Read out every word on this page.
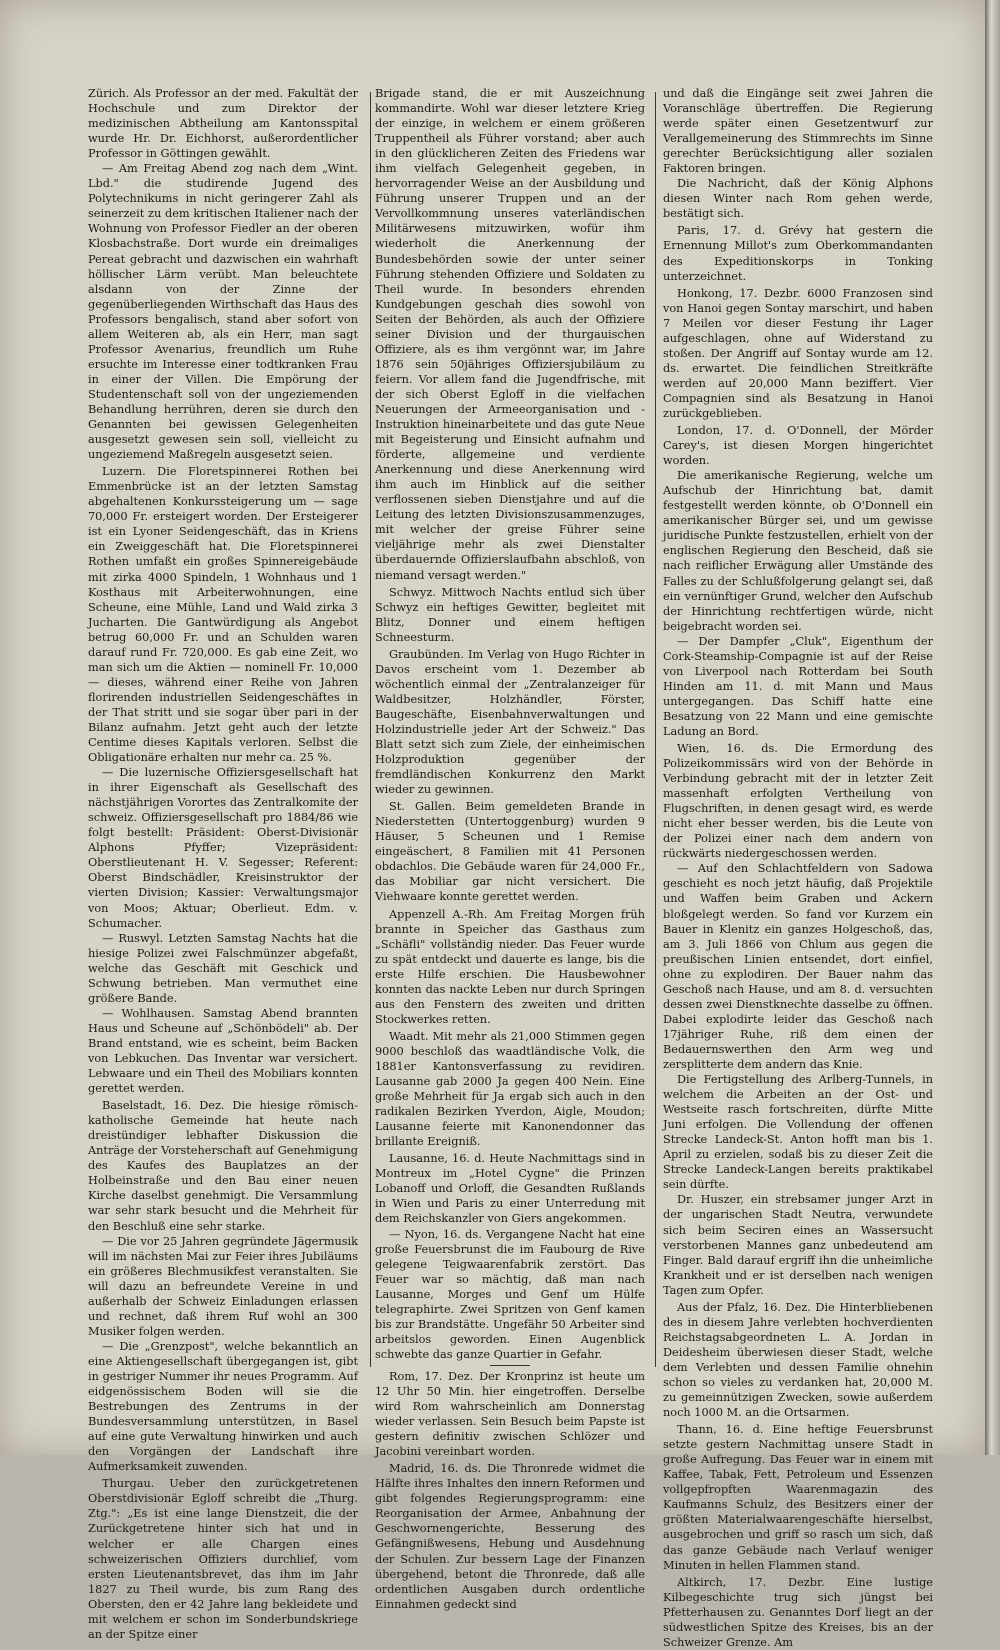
Zürich. Als Professor an der med. Fakultät der Hochschule und zum Direktor der medizinischen Abtheilung am Kantonsspital wurde Hr. Dr. Eichhorst, außerordentlicher Professor in Göttingen gewählt.

— Am Freitag Abend zog nach dem „Wint. Lbd." die studirende Jugend des Polytechnikums in nicht geringerer Zahl als seinerzeit zu dem kritischen Italiener nach der Wohnung von Professor Fiedler an der oberen Klosbachstraße. Dort wurde ein dreimaliges Pereat gebracht und dazwischen ein wahrhaft höllischer Lärm verübt. Man beleuchtete alsdann von der Zinne der gegenüberliegenden Wirthschaft das Haus des Professors bengalisch, stand aber sofort von allem Weiteren ab, als ein Herr, man sagt Professor Avenarius, freundlich um Ruhe ersuchte im Interesse einer todtkranken Frau in einer der Villen. Die Empörung der Studentenschaft soll von der ungeziemenden Behandlung herrühren, deren sie durch den Genannten bei gewissen Gelegenheiten ausgesetzt gewesen sein soll, vielleicht zu ungeziemend Maßregeln ausgesetzt seien.

Luzern. Die Floretspinnerei Rothen bei Emmenbrücke ist an der letzten Samstag abgehaltenen Konkurssteigerung um — sage 70,000 Fr. ersteigert worden. Der Ersteigerer ist ein Lyoner Seidengeschäft, das in Kriens ein Zweiggeschäft hat. Die Floretspinnerei Rothen umfaßt ein großes Spinnereigebäude mit zirka 4000 Spindeln, 1 Wohnhaus und 1 Kosthaus mit Arbeiterwohnungen, eine Scheune, eine Mühle, Land und Wald zirka 3 Jucharten. Die Gantwürdigung als Angebot betrug 60,000 Fr. und an Schulden waren darauf rund Fr. 720,000. Es gab eine Zeit, wo man sich um die Aktien — nominell Fr. 10,000 — dieses, während einer Reihe von Jahren florirenden industriellen Seidengeschäftes in der That stritt und sie sogar über pari in der Bilanz aufnahm. Jetzt geht auch der letzte Centime dieses Kapitals verloren. Selbst die Obligationäre erhalten nur mehr ca. 25 %.

— Die luzernische Offiziersgesellschaft hat in ihrer Eigenschaft als Gesellschaft des nächstjährigen Vorortes das Zentralkomite der schweiz. Offiziersgesellschaft pro 1884/86 wie folgt bestellt: Präsident: Oberst-Divisionär Alphons Pfyffer; Vizepräsident: Oberstlieutenant H. V. Segesser; Referent: Oberst Bindschädler, Kreisinstruktor der vierten Division; Kassier: Verwaltungsmajor von Moos; Aktuar; Oberlieut. Edm. v. Schumacher.

— Ruswyl. Letzten Samstag Nachts hat die hiesige Polizei zwei Falschmünzer abgefaßt, welche das Geschäft mit Geschick und Schwung betrieben. Man vermuthet eine größere Bande.

— Wohlhausen. Samstag Abend brannten Haus und Scheune auf „Schönbödeli" ab. Der Brand entstand, wie es scheint, beim Backen von Lebkuchen. Das Inventar war versichert. Lebwaare und ein Theil des Mobiliars konnten gerettet werden.

Baselstadt, 16. Dez. Die hiesige römisch-katholische Gemeinde hat heute nach dreistündiger lebhafter Diskussion die Anträge der Vorsteherschaft auf Genehmigung des Kaufes des Bauplatzes an der Holbeinstraße und den Bau einer neuen Kirche daselbst genehmigt. Die Versammlung war sehr stark besucht und die Mehrheit für den Beschluß eine sehr starke.

— Die vor 25 Jahren gegründete Jägermusik will im nächsten Mai zur Feier ihres Jubiläums ein größeres Blechmusikfest veranstalten. Sie will dazu an befreundete Vereine in und außerhalb der Schweiz Einladungen erlassen und rechnet, daß ihrem Ruf wohl an 300 Musiker folgen werden.

— Die „Grenzpost", welche bekanntlich an eine Aktiengesellschaft übergegangen ist, gibt in gestriger Nummer ihr neues Programm. Auf eidgenössischem Boden will sie die Bestrebungen des Zentrums in der Bundesversammlung unterstützen, in Basel auf eine gute Verwaltung hinwirken und auch den Vorgängen der Landschaft ihre Aufmerksamkeit zuwenden.

Thurgau. Ueber den zurückgetretenen Oberstdivisionär Egloff schreibt die „Thurg. Ztg.": „Es ist eine lange Dienstzeit, die der Zurückgetretene hinter sich hat und in welcher er alle Chargen eines schweizerischen Offiziers durchlief, vom ersten Lieutenantsbrevet, das ihm im Jahr 1827 zu Theil wurde, bis zum Rang des Obersten, den er 42 Jahre lang bekleidete und mit welchem er schon im Sonderbundskriege an der Spitze einer

Brigade stand, die er mit Auszeichnung kommandirte. Wohl war dieser letztere Krieg der einzige, in welchem er einem größeren Truppentheil als Führer vorstand; aber auch in den glücklicheren Zeiten des Friedens war ihm vielfach Gelegenheit gegeben, in hervorragender Weise an der Ausbildung und Führung unserer Truppen und an der Vervollkommnung unseres vaterländischen Militärwesens mitzuwirken, wofür ihm wiederholt die Anerkennung der Bundesbehörden sowie der unter seiner Führung stehenden Offiziere und Soldaten zu Theil wurde. In besonders ehrenden Kundgebungen geschah dies sowohl von Seiten der Behörden, als auch der Offiziere seiner Division und der thurgauischen Offiziere, als es ihm vergönnt war, im Jahre 1876 sein 50jähriges Offiziersjubiläum zu feiern. Vor allem fand die Jugendfrische, mit der sich Oberst Egloff in die vielfachen Neuerungen der Armeeorganisation und -Instruktion hineinarbeitete und das gute Neue mit Begeisterung und Einsicht aufnahm und förderte, allgemeine und verdiente Anerkennung und diese Anerkennung wird ihm auch im Hinblick auf die seither verflossenen sieben Dienstjahre und auf die Leitung des letzten Divisionszusammenzuges, mit welcher der greise Führer seine vieljährige mehr als zwei Dienstalter überdauernde Offizierslaufbahn abschloß, von niemand versagt werden."

Schwyz. Mittwoch Nachts entlud sich über Schwyz ein heftiges Gewitter, begleitet mit Blitz, Donner und einem heftigen Schneesturm.

Graubünden. Im Verlag von Hugo Richter in Davos erscheint vom 1. Dezember ab wöchentlich einmal der „Zentralanzeiger für Waldbesitzer, Holzhändler, Förster, Baugeschäfte, Eisenbahnverwaltungen und Holzindustrielle jeder Art der Schweiz." Das Blatt setzt sich zum Ziele, der einheimischen Holzproduktion gegenüber der fremdländischen Konkurrenz den Markt wieder zu gewinnen.

St. Gallen. Beim gemeldeten Brande in Niederstetten (Untertoggenburg) wurden 9 Häuser, 5 Scheunen und 1 Remise eingeäschert, 8 Familien mit 41 Personen obdachlos. Die Gebäude waren für 24,000 Fr., das Mobiliar gar nicht versichert. Die Viehwaare konnte gerettet werden.

Appenzell A.-Rh. Am Freitag Morgen früh brannte in Speicher das Gasthaus zum „Schäfli" vollständig nieder. Das Feuer wurde zu spät entdeckt und dauerte es lange, bis die erste Hilfe erschien. Die Hausbewohner konnten das nackte Leben nur durch Springen aus den Fenstern des zweiten und dritten Stockwerkes retten.

Waadt. Mit mehr als 21,000 Stimmen gegen 9000 beschloß das waadtländische Volk, die 1881er Kantonsverfassung zu revidiren. Lausanne gab 2000 Ja gegen 400 Nein. Eine große Mehrheit für Ja ergab sich auch in den radikalen Bezirken Yverdon, Aigle, Moudon; Lausanne feierte mit Kanonendonner das brillante Ereigniß.

Lausanne, 16. d. Heute Nachmittags sind in Montreux im „Hotel Cygne" die Prinzen Lobanoff und Orloff, die Gesandten Rußlands in Wien und Paris zu einer Unterredung mit dem Reichskanzler von Giers angekommen.

— Nyon, 16. ds. Vergangene Nacht hat eine große Feuersbrunst die im Faubourg de Rive gelegene Teigwaarenfabrik zerstört. Das Feuer war so mächtig, daß man nach Lausanne, Morges und Genf um Hülfe telegraphirte. Zwei Spritzen von Genf kamen bis zur Brandstätte. Ungefähr 50 Arbeiter sind arbeitslos geworden. Einen Augenblick schwebte das ganze Quartier in Gefahr.

Rom, 17. Dez. Der Kronprinz ist heute um 12 Uhr 50 Min. hier eingetroffen. Derselbe wird Rom wahrscheinlich am Donnerstag wieder verlassen. Sein Besuch beim Papste ist gestern definitiv zwischen Schlözer und Jacobini vereinbart worden.

Madrid, 16. ds. Die Thronrede widmet die Hälfte ihres Inhaltes den innern Reformen und gibt folgendes Regierungsprogramm: eine Reorganisation der Armee, Anbahnung der Geschwornengerichte, Besserung des Gefängnißwesens, Hebung und Ausdehnung der Schulen. Zur bessern Lage der Finanzen übergehend, betont die Thronrede, daß alle ordentlichen Ausgaben durch ordentliche Einnahmen gedeckt sind

und daß die Eingänge seit zwei Jahren die Voranschläge übertreffen. Die Regierung werde später einen Gesetzentwurf zur Verallgemeinerung des Stimmrechts im Sinne gerechter Berücksichtigung aller sozialen Faktoren bringen.

Die Nachricht, daß der König Alphons diesen Winter nach Rom gehen werde, bestätigt sich.

Paris, 17. d. Grévy hat gestern die Ernennung Millot's zum Oberkommandanten des Expeditionskorps in Tonking unterzeichnet.

Honkong, 17. Dezbr. 6000 Franzosen sind von Hanoi gegen Sontay marschirt, und haben 7 Meilen vor dieser Festung ihr Lager aufgeschlagen, ohne auf Widerstand zu stoßen. Der Angriff auf Sontay wurde am 12. ds. erwartet. Die feindlichen Streitkräfte werden auf 20,000 Mann beziffert. Vier Compagnien sind als Besatzung in Hanoi zurückgeblieben.

London, 17. d. O'Donnell, der Mörder Carey's, ist diesen Morgen hingerichtet worden.

Die amerikanische Regierung, welche um Aufschub der Hinrichtung bat, damit festgestellt werden könnte, ob O'Donnell ein amerikanischer Bürger sei, und um gewisse juridische Punkte festzustellen, erhielt von der englischen Regierung den Bescheid, daß sie nach reiflicher Erwägung aller Umstände des Falles zu der Schlußfolgerung gelangt sei, daß ein vernünftiger Grund, welcher den Aufschub der Hinrichtung rechtfertigen würde, nicht beigebracht worden sei.

— Der Dampfer „Cluk", Eigenthum der Cork-Steamship-Compagnie ist auf der Reise von Liverpool nach Rotterdam bei South Hinden am 11. d. mit Mann und Maus untergegangen. Das Schiff hatte eine Besatzung von 22 Mann und eine gemischte Ladung an Bord.

Wien, 16. ds. Die Ermordung des Polizeikommissärs wird von der Behörde in Verbindung gebracht mit der in letzter Zeit massenhaft erfolgten Vertheilung von Flugschriften, in denen gesagt wird, es werde nicht eher besser werden, bis die Leute von der Polizei einer nach dem andern von rückwärts niedergeschossen werden.

— Auf den Schlachtfeldern von Sadowa geschieht es noch jetzt häufig, daß Projektile und Waffen beim Graben und Ackern bloßgelegt werden. So fand vor Kurzem ein Bauer in Klenitz ein ganzes Holgeschoß, das, am 3. Juli 1866 von Chlum aus gegen die preußischen Linien entsendet, dort einfiel, ohne zu explodiren. Der Bauer nahm das Geschoß nach Hause, und am 8. d. versuchten dessen zwei Dienstknechte dasselbe zu öffnen. Dabei explodirte leider das Geschoß nach 17jähriger Ruhe, riß dem einen der Bedauernswerthen den Arm weg und zersplitterte dem andern das Knie.

Die Fertigstellung des Arlberg-Tunnels, in welchem die Arbeiten an der Ost- und Westseite rasch fortschreiten, dürfte Mitte Juni erfolgen. Die Vollendung der offenen Strecke Landeck-St. Anton hofft man bis 1. April zu erzielen, sodaß bis zu dieser Zeit die Strecke Landeck-Langen bereits praktikabel sein dürfte.

Dr. Huszer, ein strebsamer junger Arzt in der ungarischen Stadt Neutra, verwundete sich beim Seciren eines an Wassersucht verstorbenen Mannes ganz unbedeutend am Finger. Bald darauf ergriff ihn die unheimliche Krankheit und er ist derselben nach wenigen Tagen zum Opfer.

Aus der Pfalz, 16. Dez. Die Hinterbliebenen des in diesem Jahre verlebten hochverdienten Reichstagsabgeordneten L. A. Jordan in Deidesheim überwiesen dieser Stadt, welche dem Verlebten und dessen Familie ohnehin schon so vieles zu verdanken hat, 20,000 M. zu gemeinnützigen Zwecken, sowie außerdem noch 1000 M. an die Ortsarmen.

Thann, 16. d. Eine heftige Feuersbrunst setzte gestern Nachmittag unsere Stadt in große Aufregung. Das Feuer war in einem mit Kaffee, Tabak, Fett, Petroleum und Essenzen vollgepfropften Waarenmagazin des Kaufmanns Schulz, des Besitzers einer der größten Materialwaarengeschäfte hierselbst, ausgebrochen und griff so rasch um sich, daß das ganze Gebäude nach Verlauf weniger Minuten in hellen Flammen stand.

Altkirch, 17. Dezbr. Eine lustige Kilbegeschichte trug sich jüngst bei Pfetterhausen zu. Genanntes Dorf liegt an der südwestlichen Spitze des Kreises, bis an der Schweizer Grenze. Am
